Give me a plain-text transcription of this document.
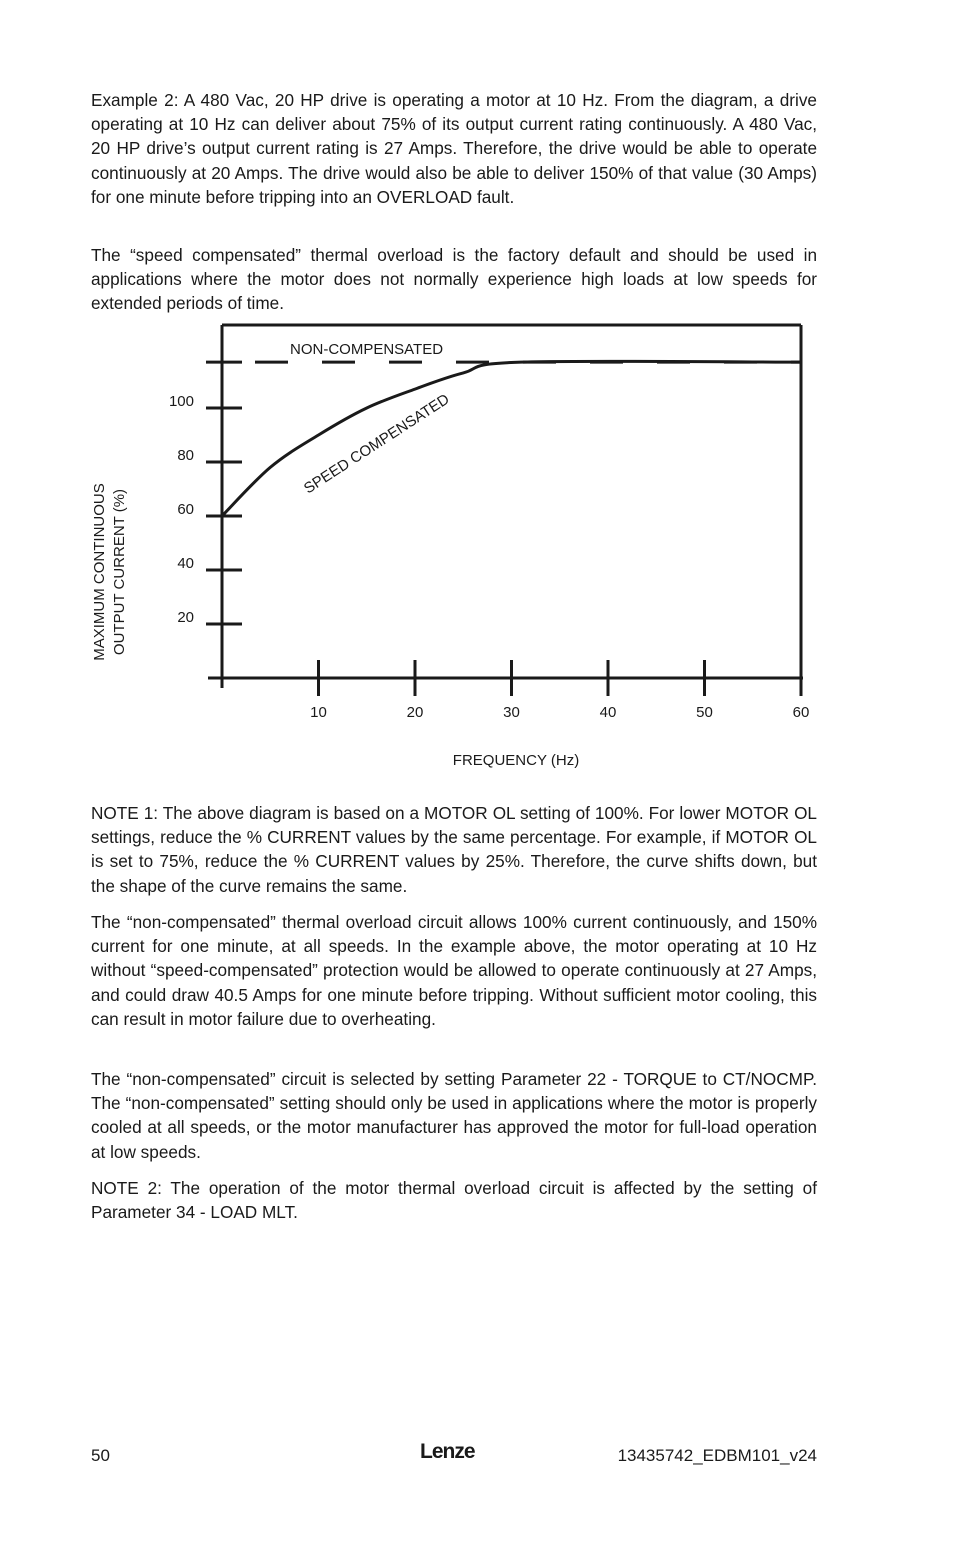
Example 2: A 480 Vac, 20 HP drive is operating a motor at 10 Hz. From the diagram, a drive operating at 10 Hz can deliver about 75% of its output current rating continuously. A 480 Vac, 20 HP drive’s output current rating is 27 Amps. Therefore, the drive would be able to operate continuously at 20 Amps. The drive would also be able to deliver 150% of that value (30 Amps) for one minute before tripping into an OVERLOAD fault.

The “speed compensated” thermal overload is the factory default and should be used in applications where the motor does not normally experience high loads at low speeds for extended periods of time.

20
40
60
80
100
10	20	30	40	50	60
NON-COMPENSATED
SPEED COMPENSATED
MAXIMUM CONTINUOUS OUTPUT CURRENT (%)
FREQUENCY (Hz)

NOTE 1: The above diagram is based on a MOTOR OL setting of 100%. For lower MOTOR OL settings, reduce the % CURRENT values by the same percentage. For example, if MOTOR OL is set to 75%, reduce the % CURRENT values by 25%. Therefore, the curve shifts down, but the shape of the curve remains the same.

The “non-compensated” thermal overload circuit allows 100% current continuously, and 150% current for one minute, at all speeds. In the example above, the motor operating at 10 Hz without “speed-compensated” protection would be allowed to operate continuously at 27 Amps, and could draw 40.5 Amps for one minute before tripping. Without sufficient motor cooling, this can result in motor failure due to overheating.

The “non-compensated” circuit is selected by setting Parameter 22 - TORQUE to CT/NOCMP. The “non-compensated” setting should only be used in applications where the motor is properly cooled at all speeds, or the motor manufacturer has approved the motor for full-load operation at low speeds.

NOTE 2: The operation of the motor thermal overload circuit is affected by the setting of Parameter 34 - LOAD MLT.

50	Lenze	13435742_EDBM101_v24
